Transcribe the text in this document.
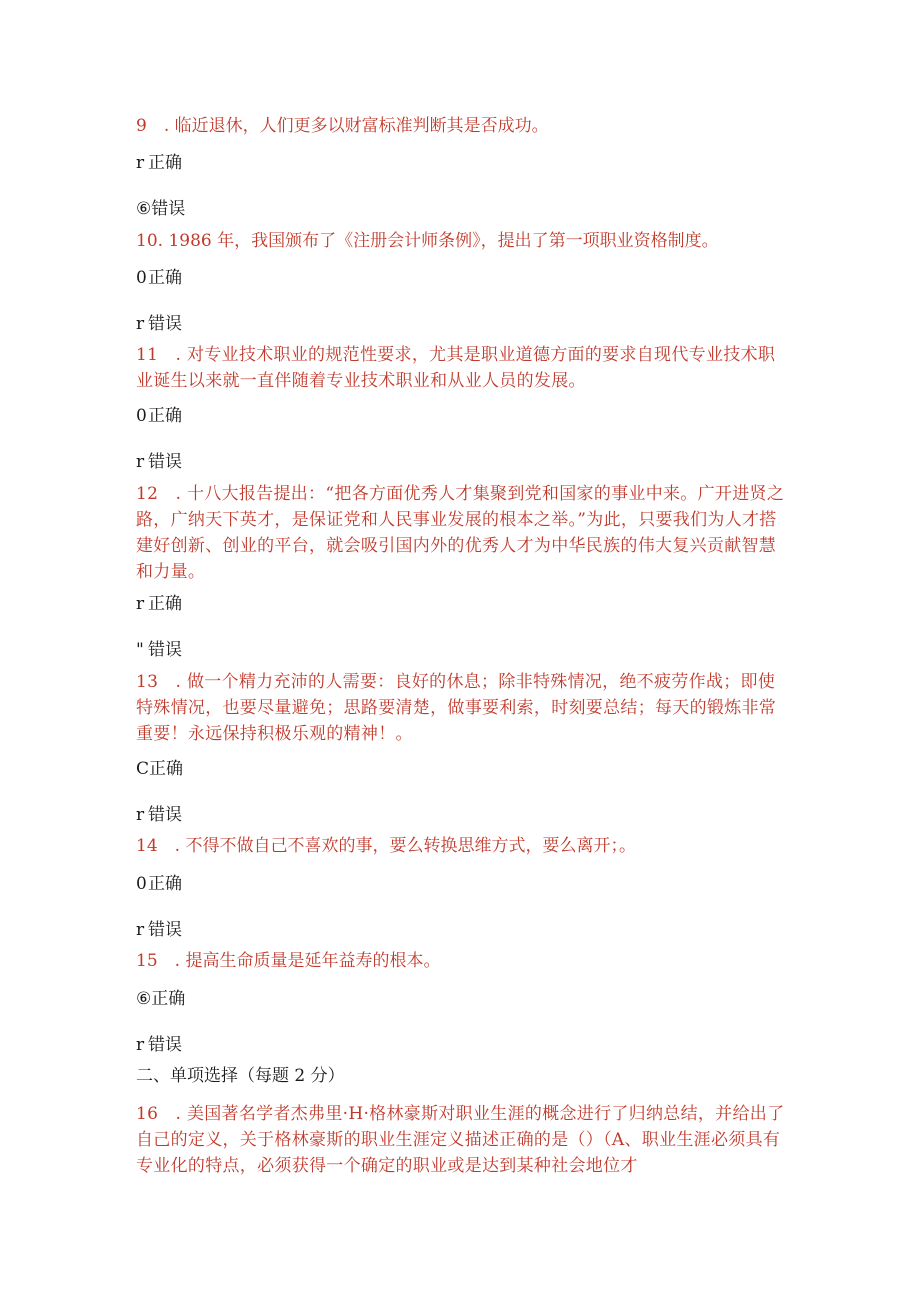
9　. 临近退休，人们更多以财富标准判断其是否成功。
r 正确
⑥错误
10. 1986 年，我国颁布了《注册会计师条例》，提出了第一项职业资格制度。
0正确
r 错误
11　. 对专业技术职业的规范性要求，尤其是职业道德方面的要求自现代专业技术职业诞生以来就一直伴随着专业技术职业和从业人员的发展。
0正确
r 错误
12　. 十八大报告提出：“把各方面优秀人才集聚到党和国家的事业中来。广开进贤之路，广纳天下英才，是保证党和人民事业发展的根本之举。”为此，只要我们为人才搭建好创新、创业的平台，就会吸引国内外的优秀人才为中华民族的伟大复兴贡献智慧和力量。
r 正确
" 错误
13　. 做一个精力充沛的人需要：良好的休息；除非特殊情况，绝不疲劳作战；即使特殊情况，也要尽量避免；思路要清楚，做事要利索，时刻要总结；每天的锻炼非常重要！永远保持积极乐观的精神！。
C正确
r 错误
14　. 不得不做自己不喜欢的事，要么转换思维方式，要么离开；。
0正确
r 错误
15　. 提高生命质量是延年益寿的根本。
⑥正确
r 错误
二、单项选择（每题 2 分）
16　. 美国著名学者杰弗里·H·格林豪斯对职业生涯的概念进行了归纳总结，并给出了自己的定义，关于格林豪斯的职业生涯定义描述正确的是（）（A、职业生涯必须具有专业化的特点，必须获得一个确定的职业或是达到某种社会地位才
